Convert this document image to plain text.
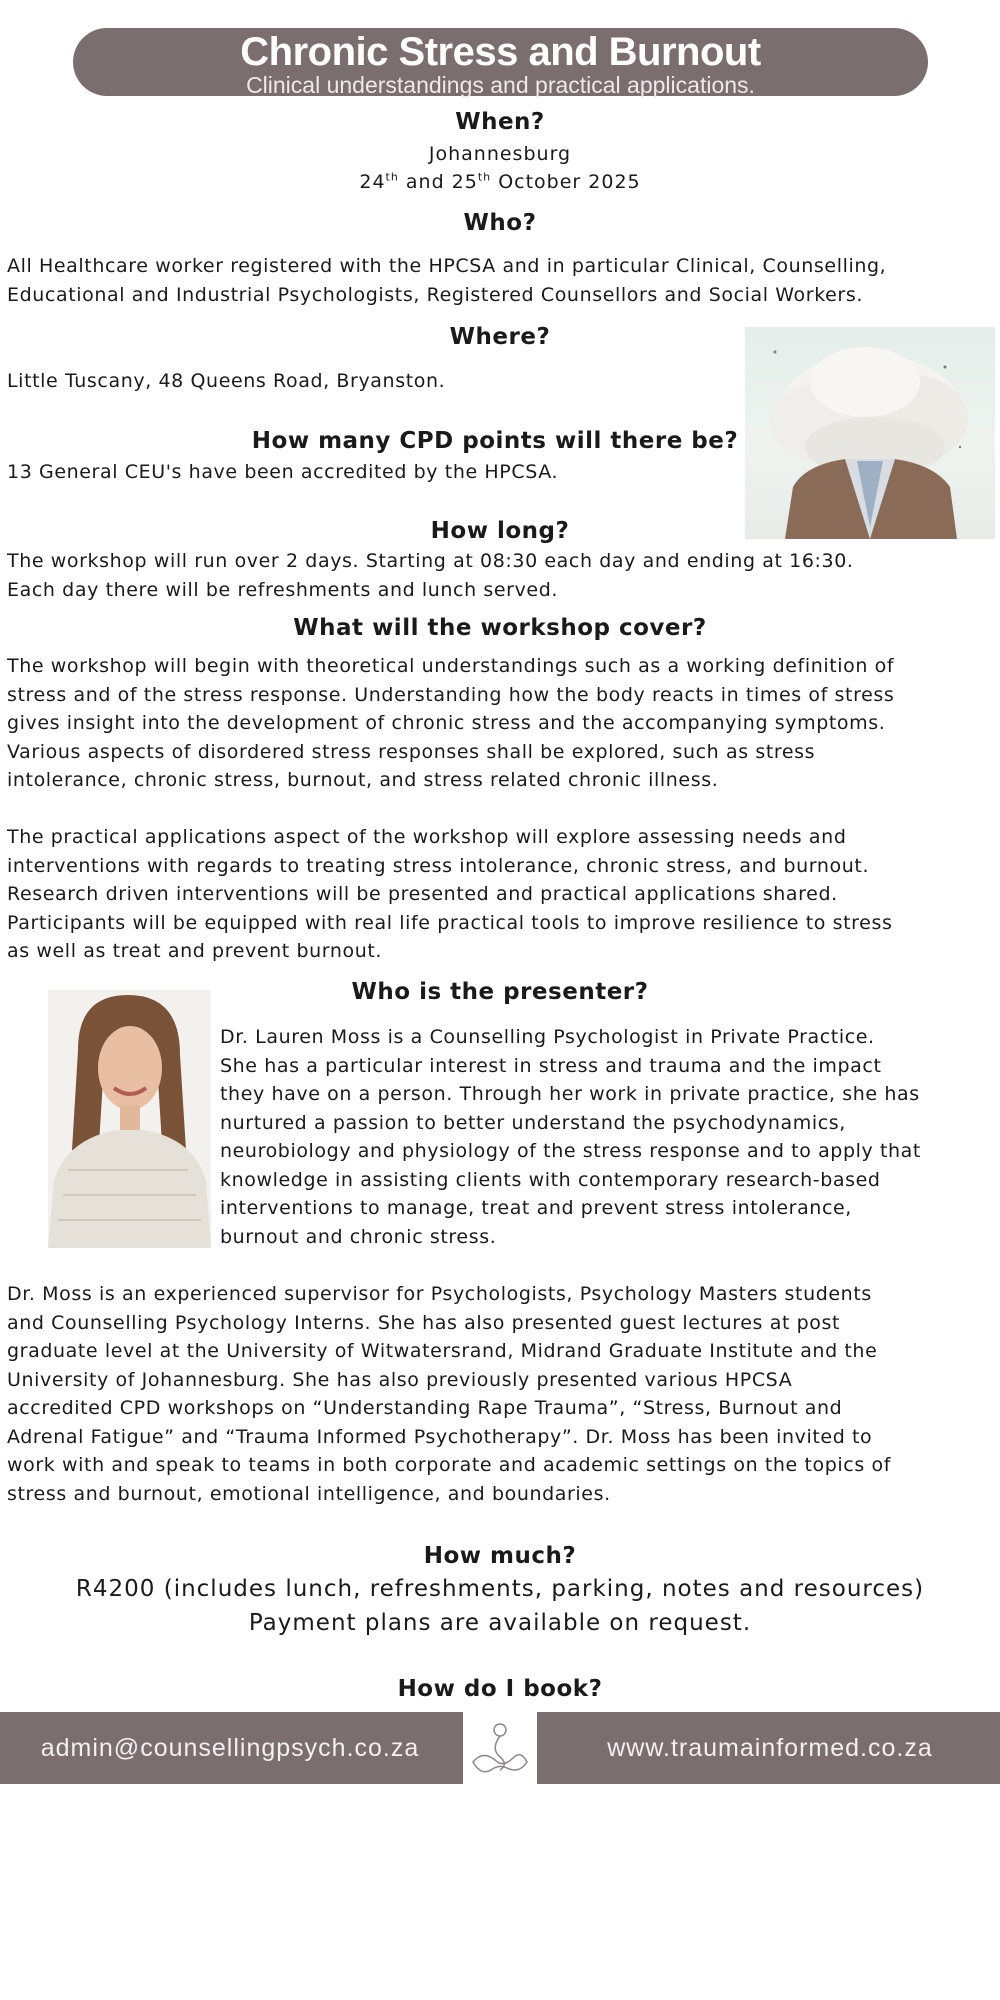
Chronic Stress and Burnout
Clinical understandings and practical applications.
When?
Johannesburg
24th and 25th October 2025
Who?
All Healthcare worker registered with the HPCSA and in particular Clinical, Counselling,
Educational and Industrial Psychologists, Registered Counsellors and Social Workers.
Where?
Little Tuscany, 48 Queens Road, Bryanston.
How many CPD points will there be?
13 General CEU's have been accredited by the HPCSA.
How long?
The workshop will run over 2 days. Starting at 08:30 each day and ending at 16:30.
Each day there will be refreshments and lunch served.
What will the workshop cover?
The workshop will begin with theoretical understandings such as a working definition of
stress and of the stress response. Understanding how the body reacts in times of stress
gives insight into the development of chronic stress and the accompanying symptoms.
Various aspects of disordered stress responses shall be explored, such as stress
intolerance, chronic stress, burnout, and stress related chronic illness.
The practical applications aspect of the workshop will explore assessing needs and
interventions with regards to treating stress intolerance, chronic stress, and burnout.
Research driven interventions will be presented and practical applications shared.
Participants will be equipped with real life practical tools to improve resilience to stress
as well as treat and prevent burnout.
Who is the presenter?
Dr. Lauren Moss is a Counselling Psychologist in Private Practice.
She has a particular interest in stress and trauma and the impact
they have on a person. Through her work in private practice, she has
nurtured a passion to better understand the psychodynamics,
neurobiology and physiology of the stress response and to apply that
knowledge in assisting clients with contemporary research-based
interventions to manage, treat and prevent stress intolerance,
burnout and chronic stress.
Dr. Moss is an experienced supervisor for Psychologists, Psychology Masters students
and Counselling Psychology Interns. She has also presented guest lectures at post
graduate level at the University of Witwatersrand, Midrand Graduate Institute and the
University of Johannesburg. She has also previously presented various HPCSA
accredited CPD workshops on “Understanding Rape Trauma”, “Stress, Burnout and
Adrenal Fatigue” and “Trauma Informed Psychotherapy”. Dr. Moss has been invited to
work with and speak to teams in both corporate and academic settings on the topics of
stress and burnout, emotional intelligence, and boundaries.
How much?
R4200 (includes lunch, refreshments, parking, notes and resources)
Payment plans are available on request.
How do I book?
admin@counsellingpsych.co.za	www.traumainformed.co.za
